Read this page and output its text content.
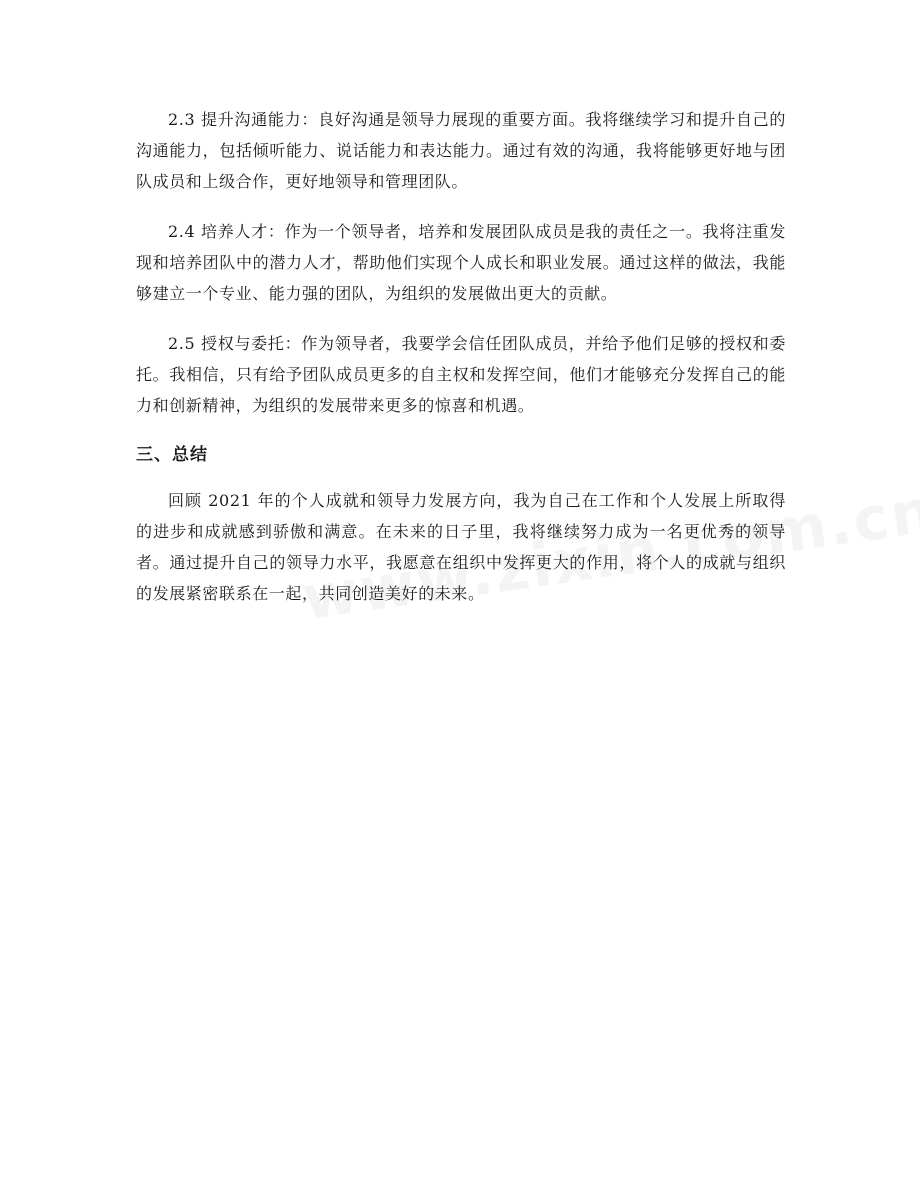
2.3 提升沟通能力：良好沟通是领导力展现的重要方面。我将继续学习和提升自己的沟通能力，包括倾听能力、说话能力和表达能力。通过有效的沟通，我将能够更好地与团队成员和上级合作，更好地领导和管理团队。

2.4 培养人才：作为一个领导者，培养和发展团队成员是我的责任之一。我将注重发现和培养团队中的潜力人才，帮助他们实现个人成长和职业发展。通过这样的做法，我能够建立一个专业、能力强的团队，为组织的发展做出更大的贡献。

2.5 授权与委托：作为领导者，我要学会信任团队成员，并给予他们足够的授权和委托。我相信，只有给予团队成员更多的自主权和发挥空间，他们才能够充分发挥自己的能力和创新精神，为组织的发展带来更多的惊喜和机遇。

三、总结

回顾 2021 年的个人成就和领导力发展方向，我为自己在工作和个人发展上所取得的进步和成就感到骄傲和满意。在未来的日子里，我将继续努力成为一名更优秀的领导者。通过提升自己的领导力水平，我愿意在组织中发挥更大的作用，将个人的成就与组织的发展紧密联系在一起，共同创造美好的未来。
